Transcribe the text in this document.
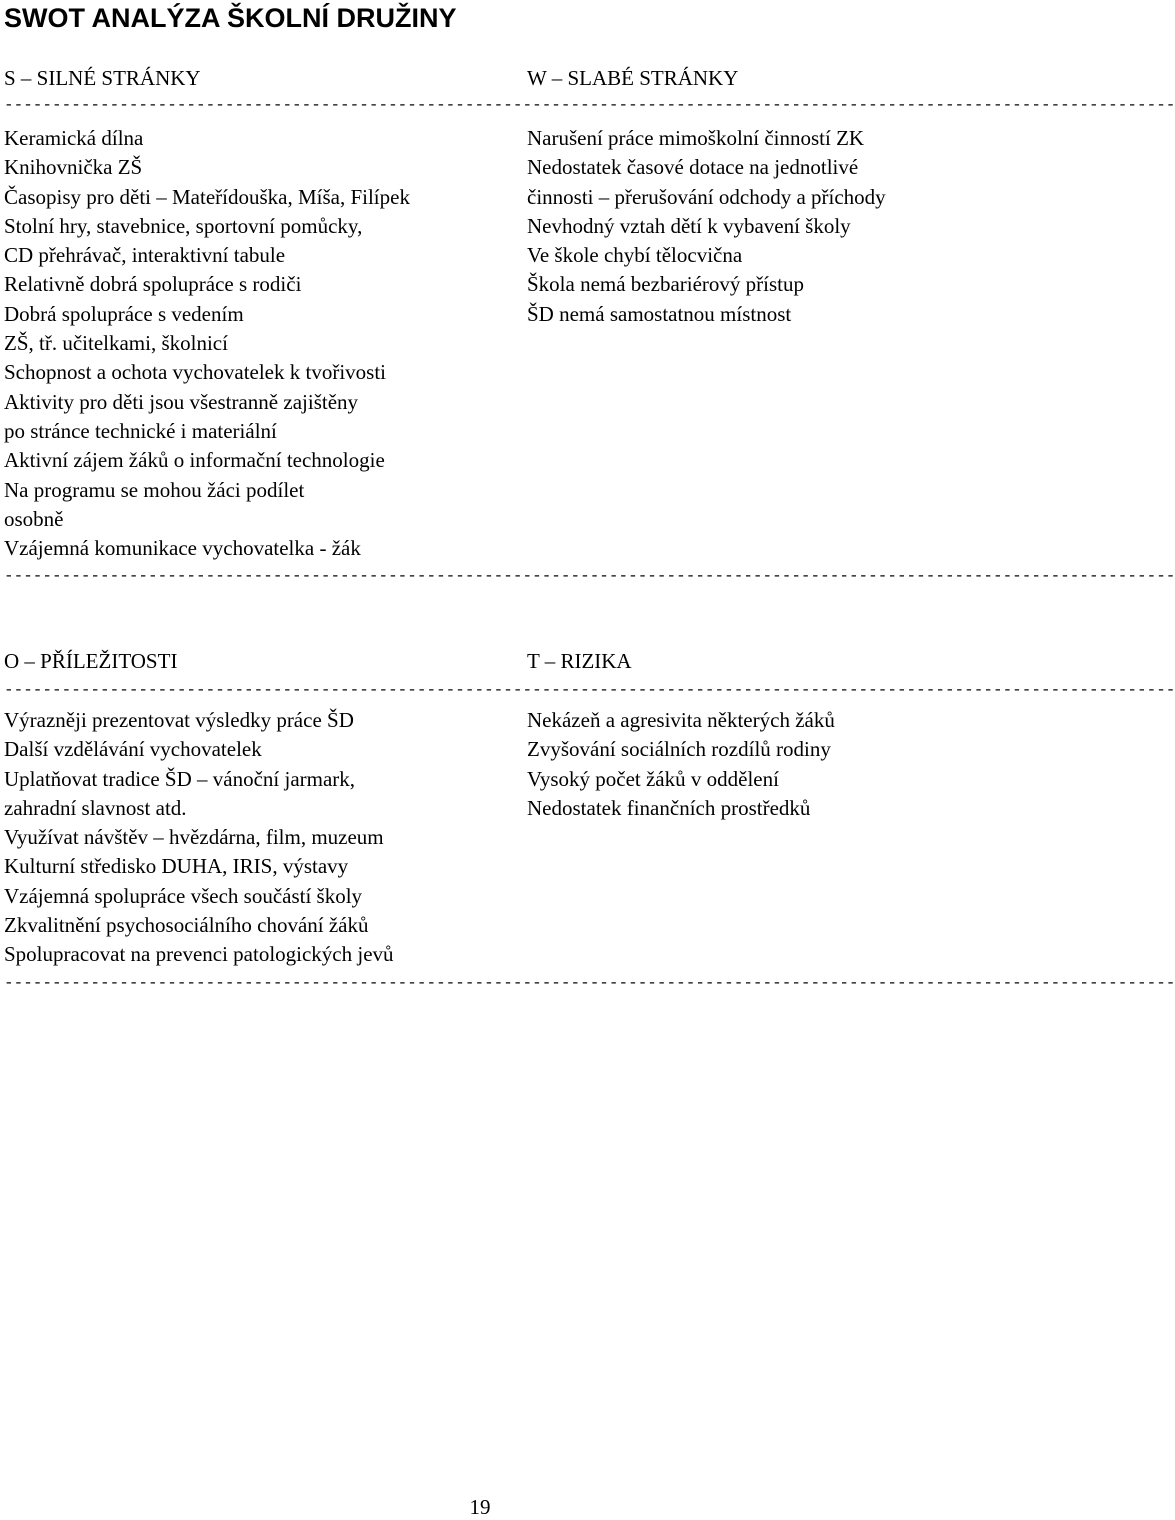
SWOT ANALÝZA ŠKOLNÍ DRUŽINY
S – SILNÉ STRÁNKY	W – SLABÉ STRÁNKY
--------------------------------------------------------------------------------------------------------------------------
Keramická dílna
Knihovnička ZŠ
Časopisy pro děti – Mateřídouška, Míša, Filípek
Stolní hry, stavebnice, sportovní pomůcky,
CD přehrávač, interaktivní tabule
Relativně dobrá spolupráce s rodiči
Dobrá spolupráce s vedením
ZŠ, tř. učitelkami, školnicí
Schopnost a ochota vychovatelek k tvořivosti
Aktivity pro děti jsou všestranně zajištěny
po stránce technické i materiální
Aktivní zájem žáků o informační technologie
Na programu se mohou žáci podílet
osobně
Vzájemná komunikace vychovatelka - žák
Narušení práce mimoškolní činností ZK
Nedostatek časové dotace na jednotlivé
činnosti – přerušování odchody a příchody
Nevhodný vztah dětí k vybavení školy
Ve škole chybí tělocvična
Škola nemá bezbariérový přístup
ŠD nemá samostatnou místnost
--------------------------------------------------------------------------------------------------------------------------
O – PŘÍLEŽITOSTI	T – RIZIKA
--------------------------------------------------------------------------------------------------------------------------
Výrazněji prezentovat výsledky práce ŠD
Další vzdělávání vychovatelek
Uplatňovat tradice ŠD – vánoční jarmark,
zahradní slavnost atd.
Využívat návštěv – hvězdárna, film, muzeum
Kulturní středisko DUHA, IRIS, výstavy
Vzájemná spolupráce všech součástí školy
Zkvalitnění psychosociálního chování žáků
Spolupracovat na prevenci patologických jevů
Nekázeň a agresivita některých žáků
Zvyšování sociálních rozdílů rodiny
Vysoký počet žáků v oddělení
Nedostatek finančních prostředků
--------------------------------------------------------------------------------------------------------------------------
19
